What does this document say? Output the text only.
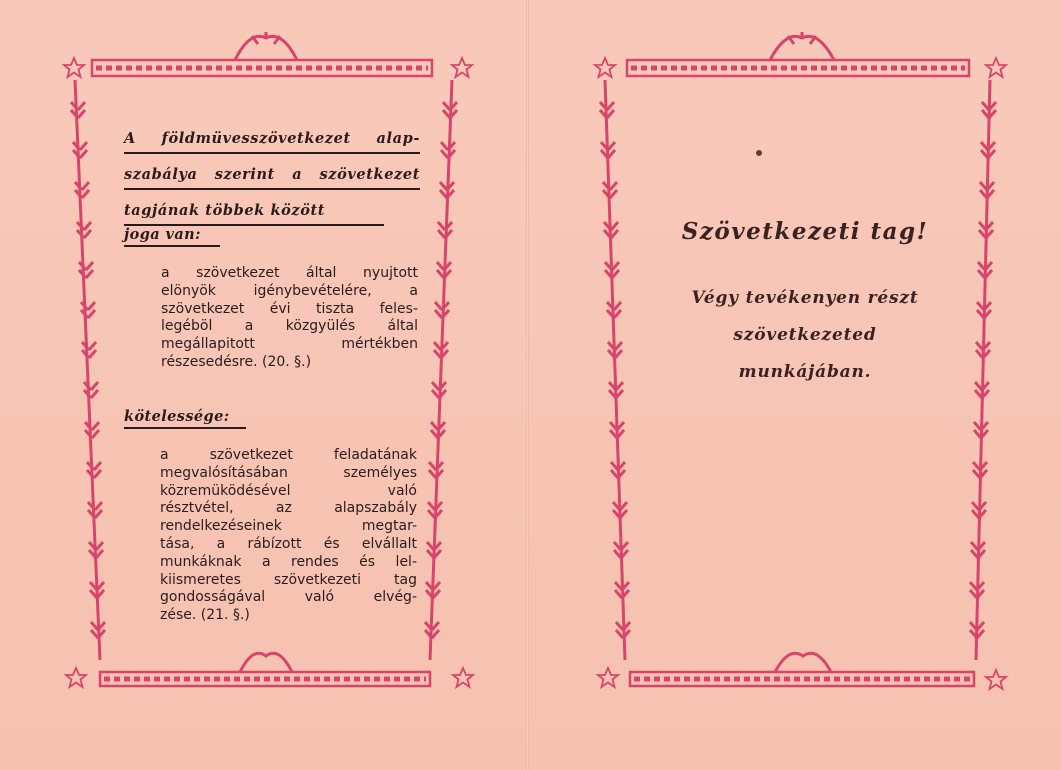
A földmüvesszövetkezet alap-
szabálya szerint a szövetkezet
tagjának többek között
joga van:
a szövetkezet által nyujtott
elönyök igénybevételére, a
szövetkezet évi tiszta feles-
legéböl a közgyülés által
megállapitott mértékben
részesedésre. (20. §.)
kötelessége:
a szövetkezet feladatának
megvalósításában személyes
közremüködésével való
résztvétel, az alapszabály
rendelkezéseinek megtar-
tása, a rábízott és elvállalt
munkáknak a rendes és lel-
kiismeretes szövetkezeti tag
gondosságával való elvég-
zése. (21. §.)
Szövetkezeti tag!
Végy tevékenyen részt
szövetkezeted
munkájában.
